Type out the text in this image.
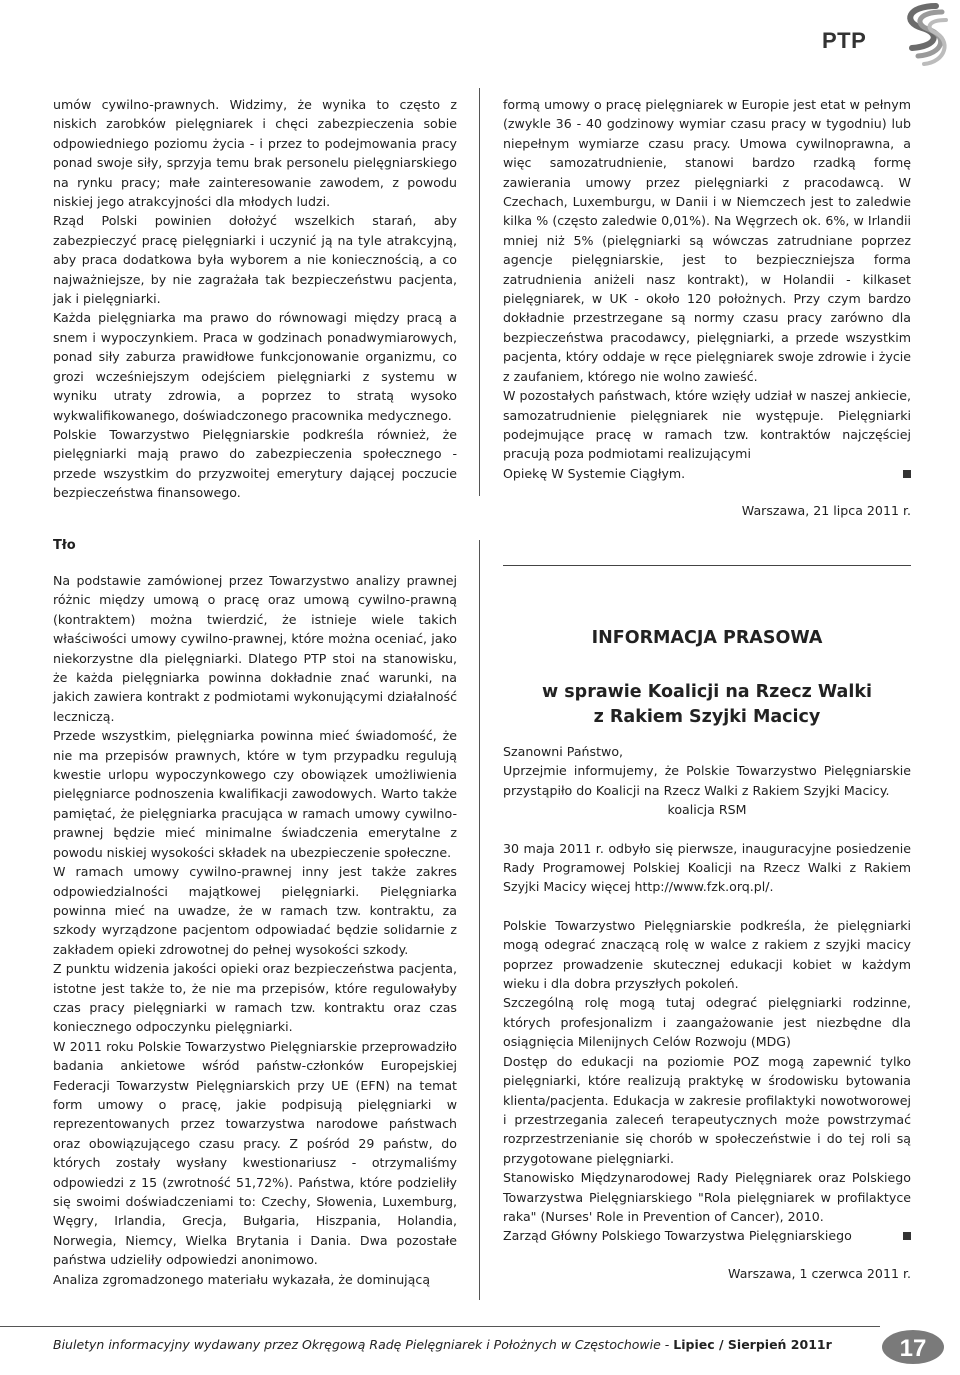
PTP

umów cywilno-prawnych. Widzimy, że wynika to często z niskich zarobków pielęgniarek i chęci zabezpieczenia sobie odpowiedniego poziomu życia - i przez to podejmowania pracy ponad swoje siły, sprzyja temu brak personelu pielęgniarskiego na rynku pracy; małe zainteresowanie zawodem, z powodu niskiej jego atrakcyjności dla młodych ludzi.

Rząd Polski powinien dołożyć wszelkich starań, aby zabezpieczyć pracę pielęgniarki i uczynić ją na tyle atrakcyjną, aby praca dodatkowa była wyborem a nie koniecznością, a co najważniejsze, by nie zagrażała tak bezpieczeństwu pacjenta, jak i pielęgniarki.

Każda pielęgniarka ma prawo do równowagi między pracą a snem i wypoczynkiem. Praca w godzinach ponadwymiarowych, ponad siły zaburza prawidłowe funkcjonowanie organizmu, co grozi wcześniejszym odejściem pielęgniarki z systemu w wyniku utraty zdrowia, a poprzez to stratą wysoko wykwalifikowanego, doświadczonego pracownika medycznego.

Polskie Towarzystwo Pielęgniarskie podkreśla również, że pielęgniarki mają prawo do zabezpieczenia społecznego - przede wszystkim do przyzwoitej emerytury dającej poczucie bezpieczeństwa finansowego.

formą umowy o pracę pielęgniarek w Europie jest etat w pełnym (zwykle 36 - 40 godzinowy wymiar czasu pracy w tygodniu) lub niepełnym wymiarze czasu pracy. Umowa cywilnoprawna, a więc samozatrudnienie, stanowi bardzo rzadką formę zawierania umowy przez pielęgniarki z pracodawcą. W Czechach, Luxemburgu, w Danii i w Niemczech jest to zaledwie kilka % (często zaledwie 0,01%). Na Węgrzech ok. 6%, w Irlandii mniej niż 5% (pielęgniarki są wówczas zatrudniane poprzez agencje pielęgniarskie, jest to bezpieczniejsza forma zatrudnienia aniżeli nasz kontrakt), w Holandii - kilkaset pielęgniarek, w UK - około 120 położnych. Przy czym bardzo dokładnie przestrzegane są normy czasu pracy zarówno dla bezpieczeństwa pracodawcy, pielęgniarki, a przede wszystkim pacjenta, który oddaje w ręce pielęgniarek swoje zdrowie i życie z zaufaniem, którego nie wolno zawieść.

W pozostałych państwach, które wzięły udział w naszej ankiecie, samozatrudnienie pielęgniarek nie występuje. Pielęgniarki podejmujące pracę w ramach tzw. kontraktów najczęściej pracują poza podmiotami realizującymi

Opiekę W Systemie Ciągłym.

Warszawa, 21 lipca 2011 r.

Tło

Na podstawie zamówionej przez Towarzystwo analizy prawnej różnic między umową o pracę oraz umową cywilno-prawną (kontraktem) można twierdzić, że istnieje wiele takich właściwości umowy cywilno-prawnej, które można oceniać, jako niekorzystne dla pielęgniarki. Dlatego PTP stoi na stanowisku, że każda pielęgniarka powinna dokładnie znać warunki, na jakich zawiera kontrakt z podmiotami wykonującymi działalność leczniczą.

Przede wszystkim, pielęgniarka powinna mieć świadomość, że nie ma przepisów prawnych, które w tym przypadku regulują kwestie urlopu wypoczynkowego czy obowiązek umożliwienia pielęgniarce podnoszenia kwalifikacji zawodowych. Warto także pamiętać, że pielęgniarka pracująca w ramach umowy cywilno-prawnej będzie mieć minimalne świadczenia emerytalne z powodu niskiej wysokości składek na ubezpieczenie społeczne.

W ramach umowy cywilno-prawnej inny jest także zakres odpowiedzialności majątkowej pielęgniarki. Pielęgniarka powinna mieć na uwadze, że w ramach tzw. kontraktu, za szkody wyrządzone pacjentom odpowiadać będzie solidarnie z zakładem opieki zdrowotnej do pełnej wysokości szkody.

Z punktu widzenia jakości opieki oraz bezpieczeństwa pacjenta, istotne jest także to, że nie ma przepisów, które regulowałyby czas pracy pielęgniarki w ramach tzw. kontraktu oraz czas koniecznego odpoczynku pielęgniarki.

W 2011 roku Polskie Towarzystwo Pielęgniarskie przeprowadziło badania ankietowe wśród państw-członków Europejskiej Federacji Towarzystw Pielęgniarskich przy UE (EFN) na temat form umowy o pracę, jakie podpisują pielęgniarki w reprezentowanych przez towarzystwa narodowe państwach oraz obowiązującego czasu pracy. Z pośród 29 państw, do których zostały wysłany kwestionariusz - otrzymaliśmy odpowiedzi z 15 (zwrotność 51,72%). Państwa, które podzieliły się swoimi doświadczeniami to: Czechy, Słowenia, Luxemburg, Węgry, Irlandia, Grecja, Bułgaria, Hiszpania, Holandia, Norwegia, Niemcy, Wielka Brytania i Dania. Dwa pozostałe państwa udzieliły odpowiedzi anonimowo.

Analiza zgromadzonego materiału wykazała, że dominującą

INFORMACJA PRASOWA
w sprawie Koalicji na Rzecz Walki
z Rakiem Szyjki Macicy

Szanowni Państwo,

Uprzejmie informujemy, że Polskie Towarzystwo Pielęgniarskie przystąpiło do Koalicji na Rzecz Walki z Rakiem Szyjki Macicy.

koalicja RSM

30 maja 2011 r. odbyło się pierwsze, inauguracyjne posiedzenie Rady Programowej Polskiej Koalicji na Rzecz Walki z Rakiem Szyjki Macicy więcej http://www.fzk.orq.pl/.

Polskie Towarzystwo Pielęgniarskie podkreśla, że pielęgniarki mogą odegrać znaczącą rolę w walce z rakiem z szyjki macicy poprzez prowadzenie skutecznej edukacji kobiet w każdym wieku i dla dobra przyszłych pokoleń.

Szczególną rolę mogą tutaj odegrać pielęgniarki rodzinne, których profesjonalizm i zaangażowanie jest niezbędne dla osiągnięcia Milenijnych Celów Rozwoju (MDG)

Dostęp do edukacji na poziomie POZ mogą zapewnić tylko pielęgniarki, które realizują praktykę w środowisku bytowania klienta/pacjenta. Edukacja w zakresie profilaktyki nowotworowej i przestrzegania zaleceń terapeutycznych może powstrzymać rozprzestrzenianie się chorób w społeczeństwie i do tej roli są przygotowane pielęgniarki.

Stanowisko Międzynarodowej Rady Pielęgniarek oraz Polskiego Towarzystwa Pielęgniarskiego "Rola pielęgniarek w profilaktyce raka" (Nurses' Role in Prevention of Cancer), 2010.

Zarząd Główny Polskiego Towarzystwa Pielęgniarskiego

Warszawa, 1 czerwca 2011 r.

Biuletyn informacyjny wydawany przez Okręgową Radę Pielęgniarek i Położnych w Częstochowie - Lipiec / Sierpień 2011r	17
